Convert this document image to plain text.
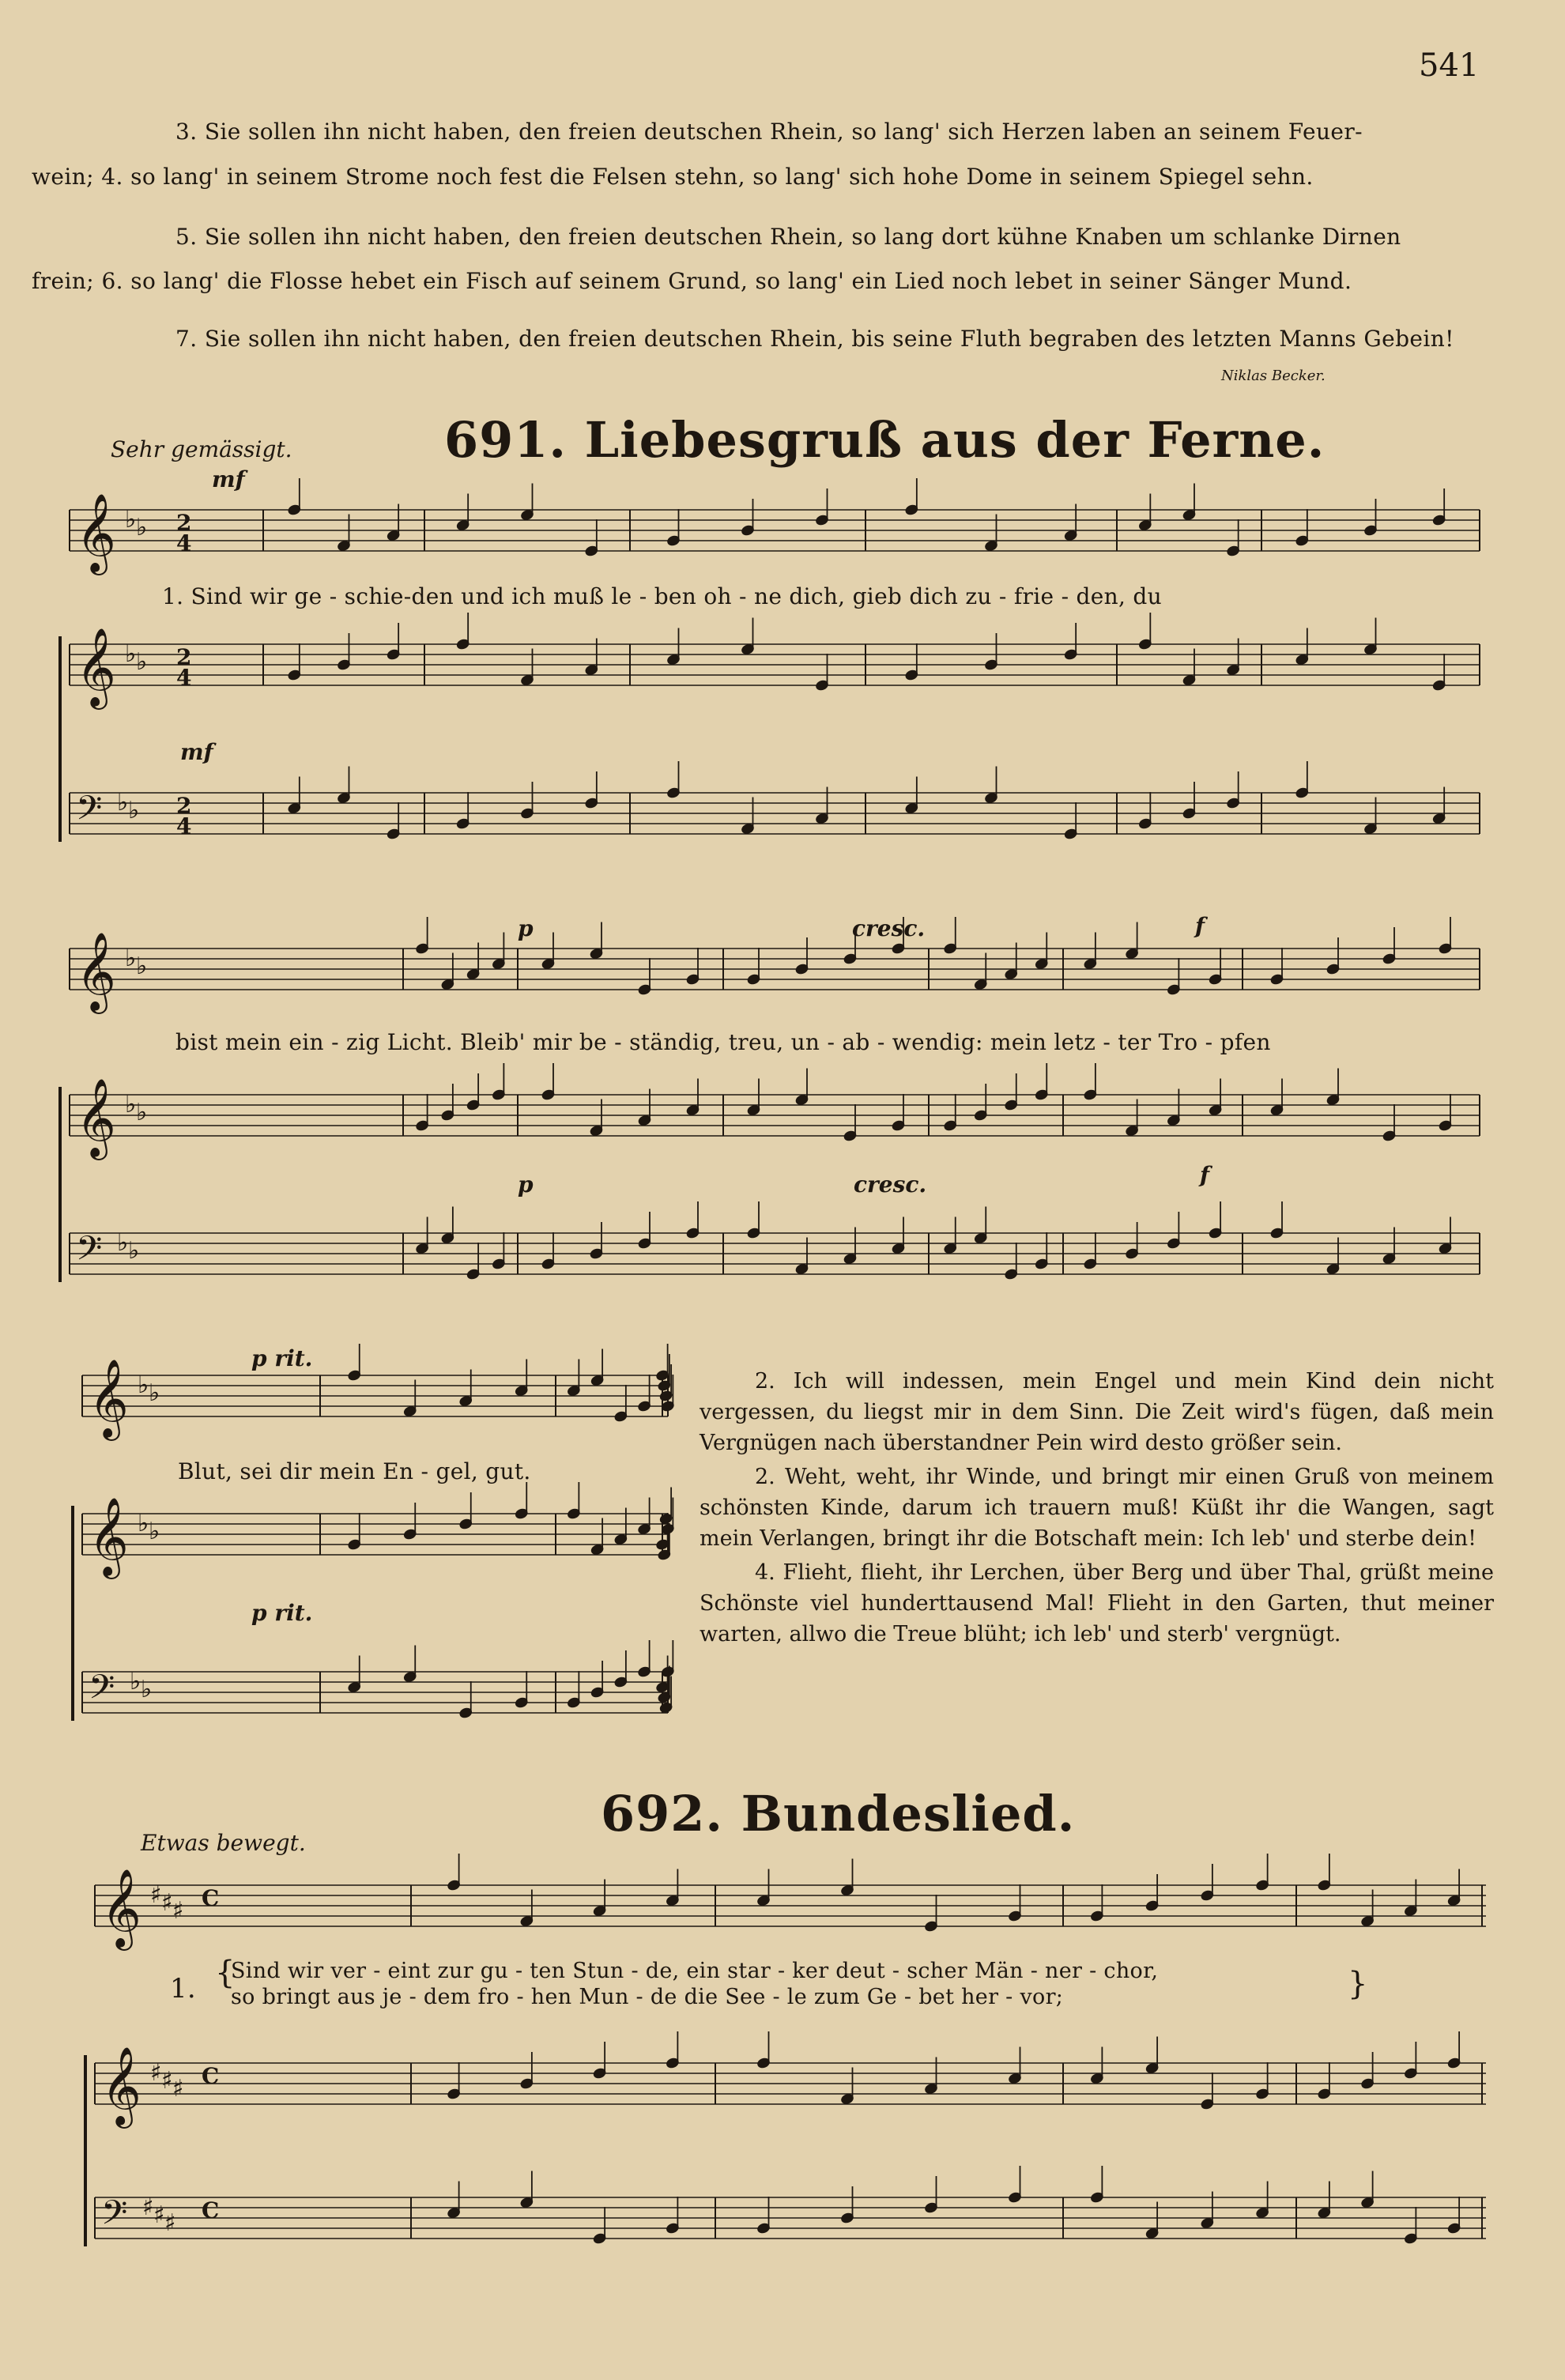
541
3. Sie sollen ihn nicht haben, den freien deutschen Rhein, so lang' sich Herzen laben an seinem Feuer-
wein; 4. so lang' in seinem Strome noch fest die Felsen stehn, so lang' sich hohe Dome in seinem Spiegel sehn.
5. Sie sollen ihn nicht haben, den freien deutschen Rhein, so lang dort kühne Knaben um schlanke Dirnen
frein; 6. so lang' die Flosse hebet ein Fisch auf seinem Grund, so lang' ein Lied noch lebet in seiner Sänger Mund.
7. Sie sollen ihn nicht haben, den freien deutschen Rhein, bis seine Fluth begraben des letzten Manns Gebein!
Niklas Becker.
Sehr gemässigt.	691. Liebesgruß aus der Ferne.
mf
mf
p	cresc.	f
p	cresc.	f
p rit.
p rit.
1. Sind wir ge - schie-den und ich muß le - ben oh - ne dich, gieb dich zu - frie - den, du
bist mein ein - zig Licht. Bleib' mir be - ständig, treu, un - ab - wendig: mein letz - ter Tro - pfen
Blut, sei dir mein En - gel, gut.

2. Ich will indessen, mein Engel und mein Kind dein nicht vergessen, du liegst mir in dem Sinn. Die Zeit wird's fügen, daß mein Vergnügen nach überstandner Pein wird desto größer sein.

2. Weht, weht, ihr Winde, und bringt mir einen Gruß von meinem schönsten Kinde, darum ich trauern muß! Küßt ihr die Wangen, sagt mein Verlangen, bringt ihr die Botschaft mein: Ich leb' und sterbe dein!

4. Flieht, flieht, ihr Lerchen, über Berg und über Thal, grüßt meine Schönste viel hunderttausend Mal! Flieht in den Garten, thut meiner warten, allwo die Treue blüht; ich leb' und sterb' vergnügt.

692. Bundeslied.
Etwas bewegt.
1. {
Sind wir ver - eint zur gu - ten Stun - de, ein star - ker deut - scher Män - ner - chor,
so bringt aus je - dem fro - hen Mun - de die See - le zum Ge - bet her - vor;	}
𝄞 ♭ ♭ 2
4
𝄞 ♭ ♭ 2
4
𝄢 ♭ ♭ 2
4
𝄞 ♭ ♭
𝄞 ♭ ♭
𝄢 ♭ ♭
𝄞 ♭ ♭
𝄞 ♭ ♭
𝄢 ♭ ♭
𝄞 ♯ ♯ ♯ C
𝄞 ♯ ♯ ♯ C
𝄢 ♯ ♯ ♯ C
